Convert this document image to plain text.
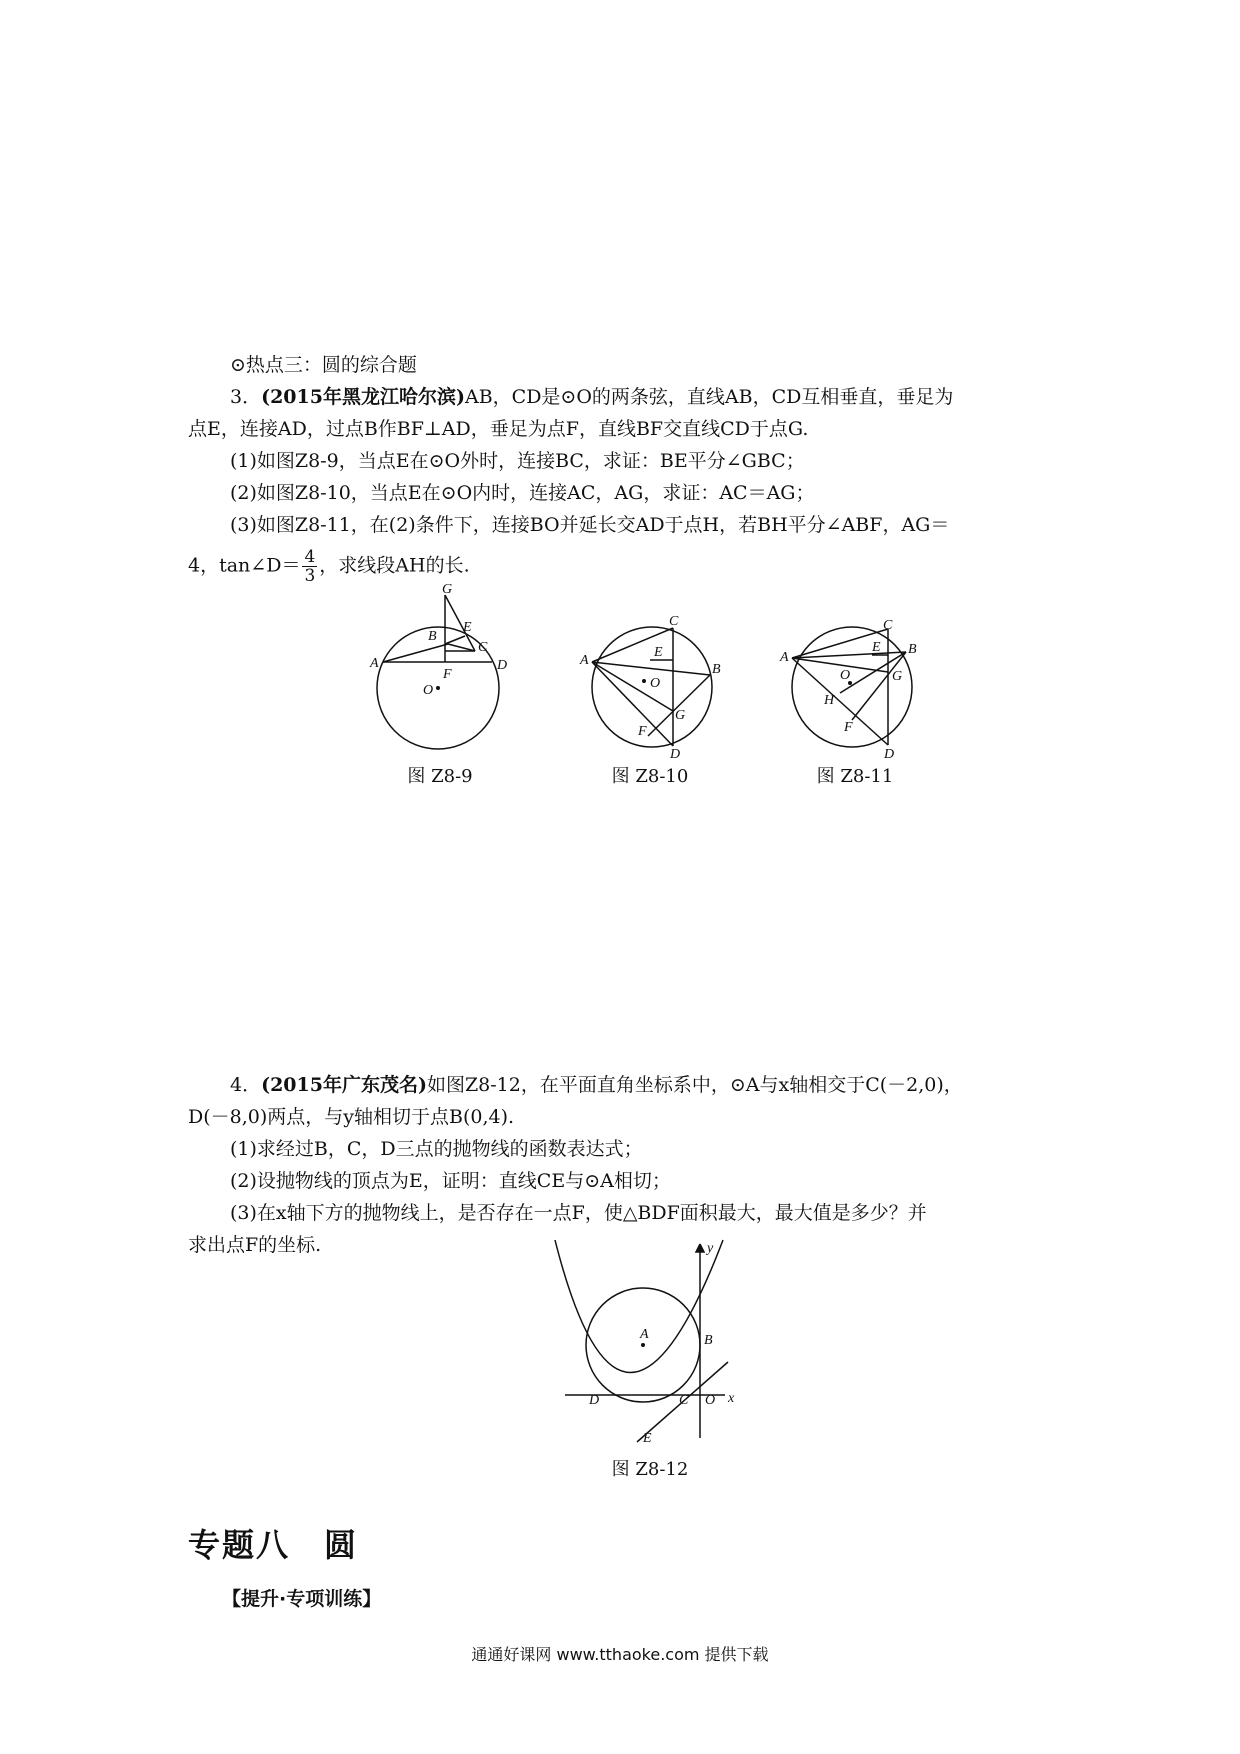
⊙热点三：圆的综合题
3．(2015年黑龙江哈尔滨)AB，CD是⊙O的两条弦，直线AB，CD互相垂直，垂足为
点E，连接AD，过点B作BF⊥AD，垂足为点F，直线BF交直线CD于点G.
(1)如图Z8-9，当点E在⊙O外时，连接BC，求证：BE平分∠GBC；
(2)如图Z8-10，当点E在⊙O内时，连接AC，AG，求证：AC＝AG；
(3)如图Z8-11，在(2)条件下，连接BO并延长交AD于点H，若BH平分∠ABF，AG＝
4，tan∠D＝ $\frac{4}{3}$ ，求线段AH的长.
G
B
E
C
A
F
D
O
图 Z8-9
C
A
E
O
B
G
F
D
图 Z8-10
A
C
E B
O	G
H
F
D
图 Z8-11
4．(2015年广东茂名)如图Z8-12，在平面直角坐标系中，⊙A与x轴相交于C(－2,0)，
D(－8,0)两点，与y轴相切于点B(0,4).
(1)求经过B，C，D三点的抛物线的函数表达式；
(2)设抛物线的顶点为E，证明：直线CE与⊙A相切；
(3)在x轴下方的抛物线上，是否存在一点F，使△BDF面积最大，最大值是多少？并
求出点F的坐标.	y
A	B
D	C O x
E
图 Z8-12
专题八　圆
【提升·专项训练】
通通好课网 www.tthaoke.com 提供下载
